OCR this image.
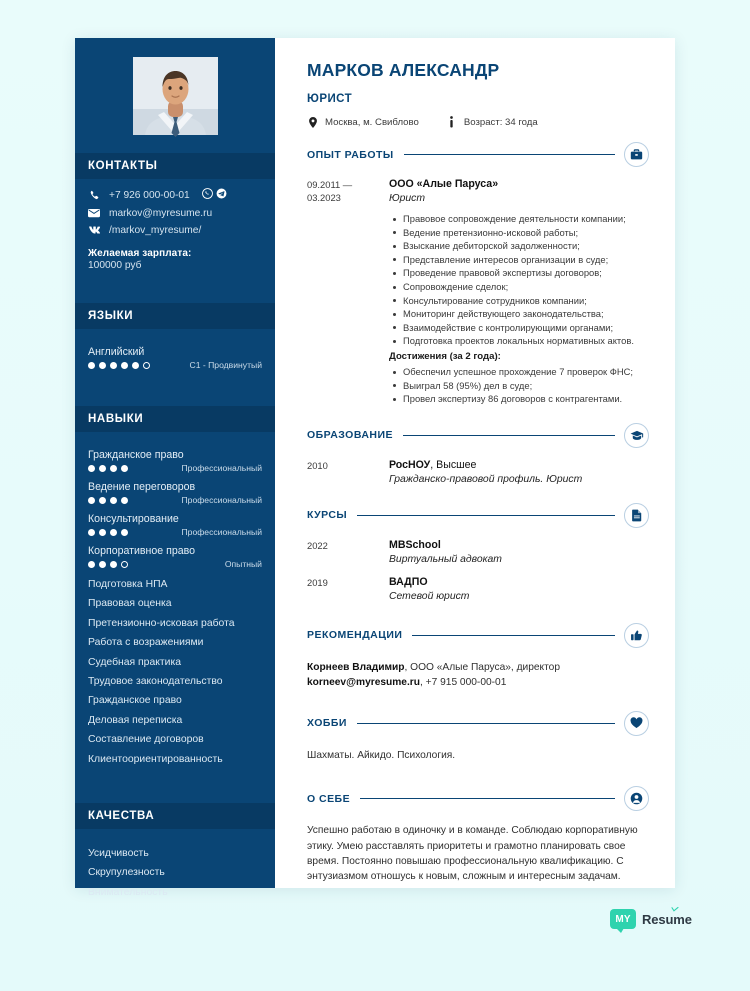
КОНТАКТЫ
+7 926 000-00-01
markov@myresume.ru
/markov_myresume/
Желаемая зарплата:
100000 руб
ЯЗЫКИ
Английский
C1 - Продвинутый
НАВЫКИ
Гражданское право
Профессиональный
Ведение переговоров
Профессиональный
Консультирование
Профессиональный
Корпоративное право
Опытный
Подготовка НПА
Правовая оценка
Претензионно-исковая работа
Работа с возражениями
Судебная практика
Трудовое законодательство
Гражданское право
Деловая переписка
Составление договоров
Клиентоориентированность
КАЧЕСТВА
Усидчивость
Скрупулезность
Внимательность
МАРКОВ АЛЕКСАНДР
ЮРИСТ
Москва, м. Свиблово	Возраст: 34 года
ОПЫТ РАБОТЫ
09.2011 —
03.2023
ООО «Алые Паруса»
Юрист
Правовое сопровождение деятельности компании;
Ведение претензионно-исковой работы;
Взыскание дебиторской задолженности;
Представление интересов организации в суде;
Проведение правовой экспертизы договоров;
Сопровождение сделок;
Консультирование сотрудников компании;
Мониторинг действующего законодательства;
Взаимодействие с контролирующими органами;
Подготовка проектов локальных нормативных актов.
Достижения (за 2 года):
Обеспечил успешное прохождение 7 проверок ФНС;
Выиграл 58 (95%) дел в суде;
Провел экспертизу 86 договоров с контрагентами.
ОБРАЗОВАНИЕ
2010	РосНОУ, Высшее
Гражданско-правовой профиль. Юрист
КУРСЫ
2022	MBSchool
Виртуальный адвокат
2019	ВАДПО
Сетевой юрист
РЕКОМЕНДАЦИИ
Корнеев Владимир, ООО «Алые Паруса», директор
korneev@myresume.ru, +7 915 000-00-01
ХОББИ
Шахматы. Айкидо. Психология.
О СЕБЕ
Успешно работаю в одиночку и в команде. Соблюдаю корпоративную этику. Умею расставлять приоритеты и грамотно планировать свое время. Постоянно повышаю профессиональную квалификацию. С энтузиазмом отношусь к новым, сложным и интересным задачам.
MY Resume
